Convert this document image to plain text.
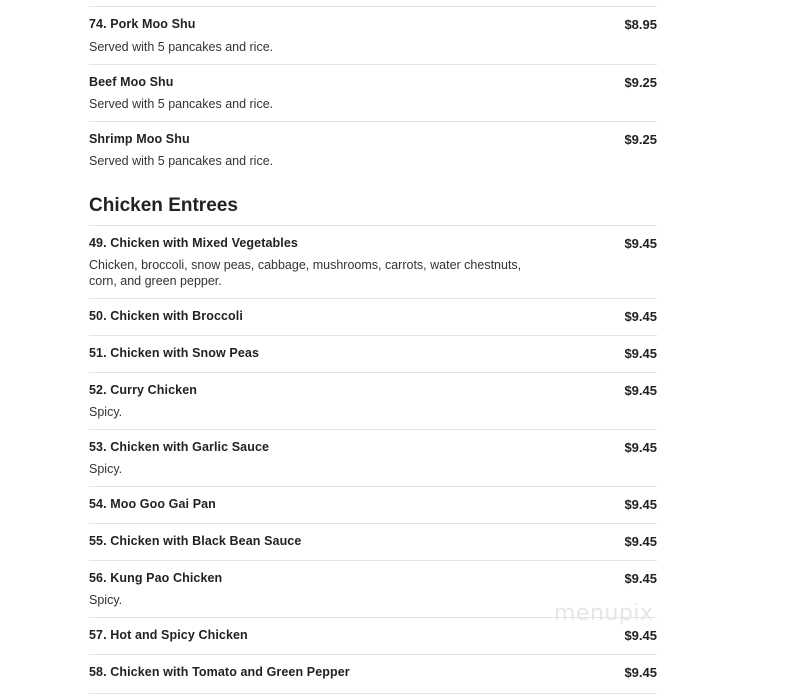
74. Pork Moo Shu	$8.95
Served with 5 pancakes and rice.
Beef Moo Shu	$9.25
Served with 5 pancakes and rice.
Shrimp Moo Shu	$9.25
Served with 5 pancakes and rice.
Chicken Entrees
49. Chicken with Mixed Vegetables	$9.45
Chicken, broccoli, snow peas, cabbage, mushrooms, carrots, water chestnuts, corn, and green pepper.
50. Chicken with Broccoli	$9.45
51. Chicken with Snow Peas	$9.45
52. Curry Chicken	$9.45
Spicy.
53. Chicken with Garlic Sauce	$9.45
Spicy.
54. Moo Goo Gai Pan	$9.45
55. Chicken with Black Bean Sauce	$9.45
56. Kung Pao Chicken	$9.45
Spicy.
57. Hot and Spicy Chicken	$9.45
58. Chicken with Tomato and Green Pepper	$9.45
menupix
